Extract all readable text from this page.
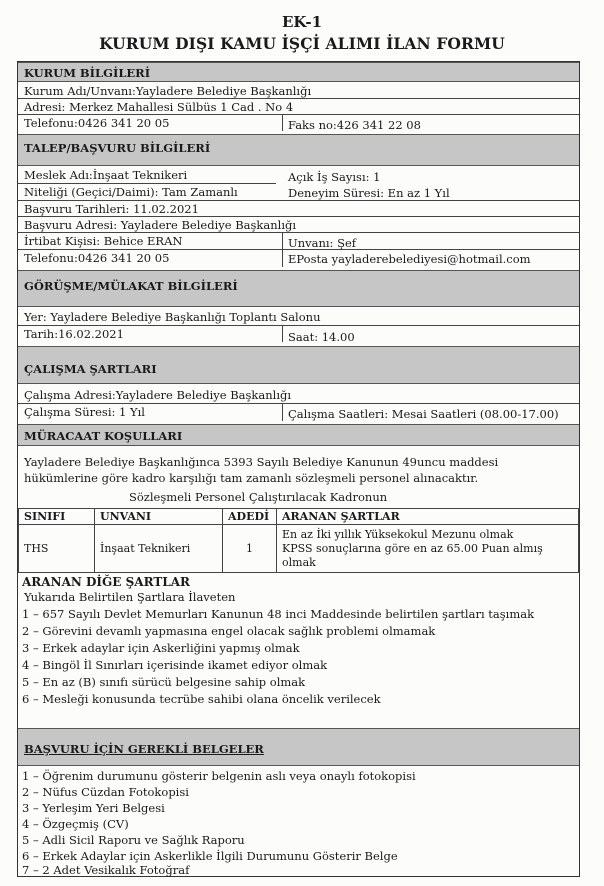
EK-1
KURUM DIŞI KAMU İŞÇİ ALIMI İLAN FORMU
KURUM BİLGİLERİ
Kurum Adı/Unvanı:Yayladere Belediye Başkanlığı
Adresi: Merkez Mahallesi Sülbüs 1 Cad . No 4
Telefonu:0426 341 20 05	Faks no:426 341 22 08
TALEP/BAŞVURU BİLGİLERİ
Meslek Adı:İnşaat Teknikeri	Açık İş Sayısı: 1
Niteliği (Geçici/Daimi): Tam Zamanlı	Deneyim Süresi: En az 1 Yıl
Başvuru Tarihleri: 11.02.2021
Başvuru Adresi: Yayladere Belediye Başkanlığı
İrtibat Kişisi: Behice ERAN	Unvanı: Şef
Telefonu:0426 341 20 05	EPosta yayladerebelediyesi@hotmail.com
GÖRÜŞME/MÜLAKAT BİLGİLERİ
Yer: Yayladere Belediye Başkanlığı Toplantı Salonu
Tarih:16.02.2021	Saat: 14.00
ÇALIŞMA ŞARTLARI
Çalışma Adresi:Yayladere Belediye Başkanlığı
Çalışma Süresi: 1 Yıl	Çalışma Saatleri: Mesai Saatleri (08.00-17.00)
MÜRACAAT KOŞULLARI
Yayladere Belediye Başkanlığınca 5393 Sayılı Belediye Kanunun 49uncu maddesi
hükümlerine göre kadro karşılığı tam zamanlı sözleşmeli personel alınacaktır.
Sözleşmeli Personel Çalıştırılacak Kadronun
SINIFI	UNVANI	ADEDİ	ARANAN ŞARTLAR
THS	İnşaat Teknikeri	1	En az İki yıllık Yüksekokul Mezunu olmak
KPSS sonuçlarına göre en az 65.00 Puan almış
olmak
ARANAN DİĞE ŞARTLAR
Yukarıda Belirtilen Şartlara İlaveten
1 – 657 Sayılı Devlet Memurları Kanunun 48 inci Maddesinde belirtilen şartları taşımak
2 – Görevini devamlı yapmasına engel olacak sağlık problemi olmamak
3 – Erkek adaylar için Askerliğini yapmış olmak
4 – Bingöl İl Sınırları içerisinde ikamet ediyor olmak
5 – En az (B) sınıfı sürücü belgesine sahip olmak
6 – Mesleği konusunda tecrübe sahibi olana öncelik verilecek
BAŞVURU İÇİN GEREKLİ BELGELER
1 – Öğrenim durumunu gösterir belgenin aslı veya onaylı fotokopisi
2 – Nüfus Cüzdan Fotokopisi
3 – Yerleşim Yeri Belgesi
4 – Özgeçmiş (CV)
5 – Adli Sicil Raporu ve Sağlık Raporu
6 – Erkek Adaylar için Askerlikle İlgili Durumunu Gösterir Belge
7 – 2 Adet Vesikalık Fotoğraf
